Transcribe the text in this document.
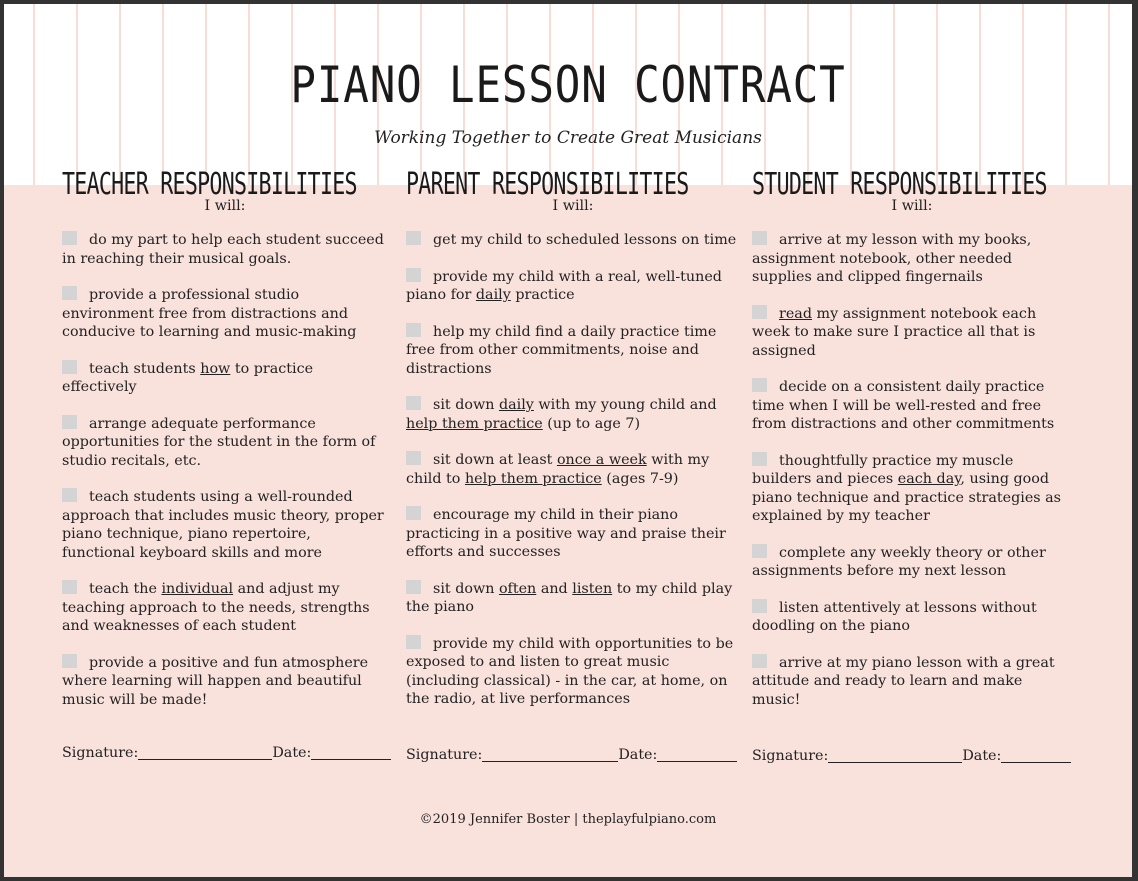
PIANO LESSON CONTRACT
Working Together to Create Great Musicians
TEACHER RESPONSIBILITIES
I will:
do my part to help each student succeed in reaching their musical goals.
provide a professional studio environment free from distractions and conducive to learning and music-making
teach students how to practice effectively
arrange adequate performance opportunities for the student in the form of studio recitals, etc.
teach students using a well-rounded approach that includes music theory, proper piano technique, piano repertoire, functional keyboard skills and more
teach the individual and adjust my teaching approach to the needs, strengths and weaknesses of each student
provide a positive and fun atmosphere where learning will happen and beautiful music will be made!
PARENT RESPONSIBILITIES
I will:
get my child to scheduled lessons on time
provide my child with a real, well-tuned piano for daily practice
help my child find a daily practice time free from other commitments, noise and distractions
sit down daily with my young child and help them practice (up to age 7)
sit down at least once a week with my child to help them practice (ages 7-9)
encourage my child in their piano practicing in a positive way and praise their efforts and successes
sit down often and listen to my child play the piano
provide my child with opportunities to be exposed to and listen to great music (including classical) - in the car, at home, on the radio, at live performances
STUDENT RESPONSIBILITIES
I will:
arrive at my lesson with my books, assignment notebook, other needed supplies and clipped fingernails
read my assignment notebook each week to make sure I practice all that is assigned
decide on a consistent daily practice time when I will be well-rested and free from distractions and other commitments
thoughtfully practice my muscle builders and pieces each day, using good piano technique and practice strategies as explained by my teacher
complete any weekly theory or other assignments before my next lesson
listen attentively at lessons without doodling on the piano
arrive at my piano lesson with a great attitude and ready to learn and make music!
Signature:	Date:	Signature:	Date:	Signature:	Date:
©2019 Jennifer Boster | theplayfulpiano.com
